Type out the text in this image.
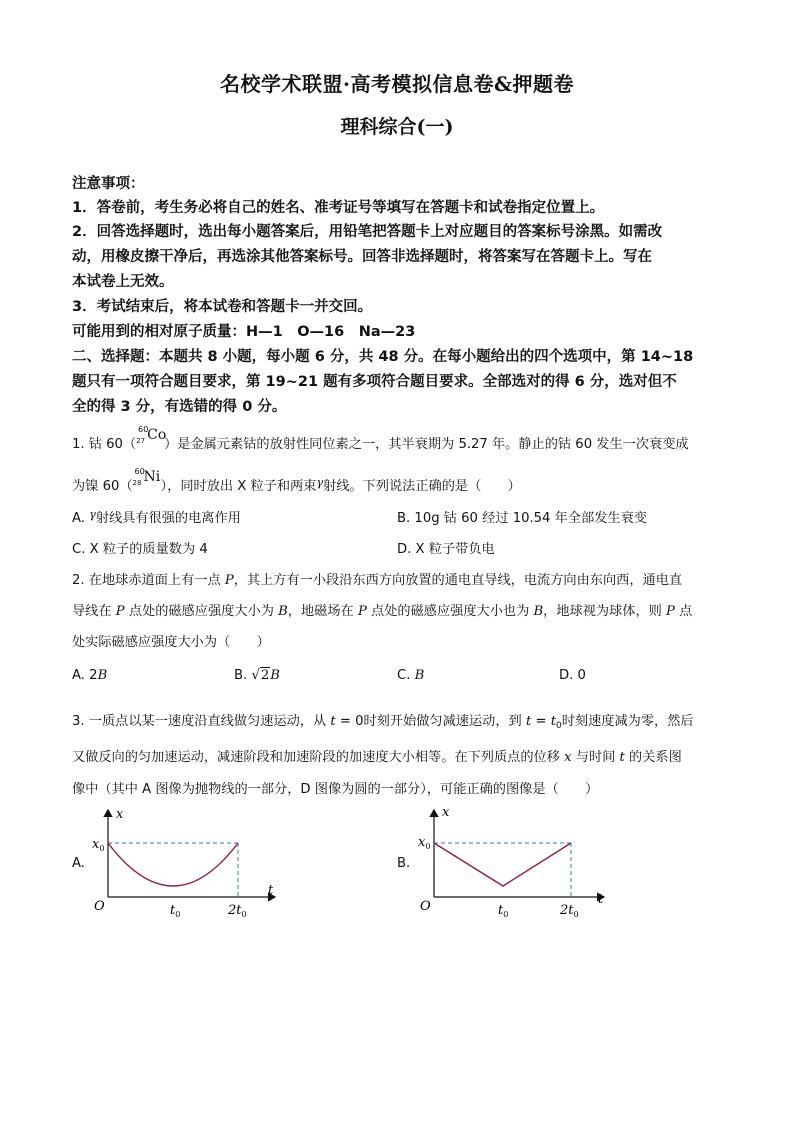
名校学术联盟·高考模拟信息卷&押题卷
理科综合(一)
注意事项：
1．答卷前，考生务必将自己的姓名、准考证号等填写在答题卡和试卷指定位置上。
2．回答选择题时，选出每小题答案后，用铅笔把答题卡上对应题目的答案标号涂黑。如需改
动，用橡皮擦干净后，再选涂其他答案标号。回答非选择题时，将答案写在答题卡上。写在
本试卷上无效。
3．考试结束后，将本试卷和答题卡一并交回。
可能用到的相对原子质量：H—1　O—16　Na—23
二、选择题：本题共 8 小题，每小题 6 分，共 48 分。在每小题给出的四个选项中，第 14~18
题只有一项符合题目要求，第 19~21 题有多项符合题目要求。全部选对的得 6 分，选对但不
全的得 3 分，有选错的得 0 分。
1. 钴 60（
60
27 Co
）是金属元素钴的放射性同位素之一，其半衰期为 5.27 年。静止的钴 60 发生一次衰变成
为镍 60（
60
28 Ni
），同时放出 X 粒子和两束$^\gamma$射线。下列说法正确的是（　　）
A. $^\gamma$射线具有很强的电离作用	B. 10g 钴 60 经过 10.54 年全部发生衰变
C. X 粒子的质量数为 4	D. X 粒子带负电
2. 在地球赤道面上有一点 P，其上方有一小段沿东西方向放置的通电直导线，电流方向由东向西，通电直
导线在 P 点处的磁感应强度大小为 B，地磁场在 P 点处的磁感应强度大小也为 B，地球视为球体，则 P 点
处实际磁感应强度大小为（　　）
A. 2B	B. √2B	C. B	D. 0
3. 一质点以某一速度沿直线做匀速运动，从 t = 0时刻开始做匀减速运动，到 $t = t_0$时刻速度减为零，然后
又做反向的匀加速运动，减速阶段和加速阶段的加速度大小相等。在下列质点的位移 x 与时间 t 的关系图
像中（其中 A 图像为抛物线的一部分，D 图像为圆的一部分），可能正确的图像是（　　）
A.
x
t
O
$x_0$
$t_0$	$2t_0$
B.
x
t
O
$x_0$
$t_0$	$2t_0$
